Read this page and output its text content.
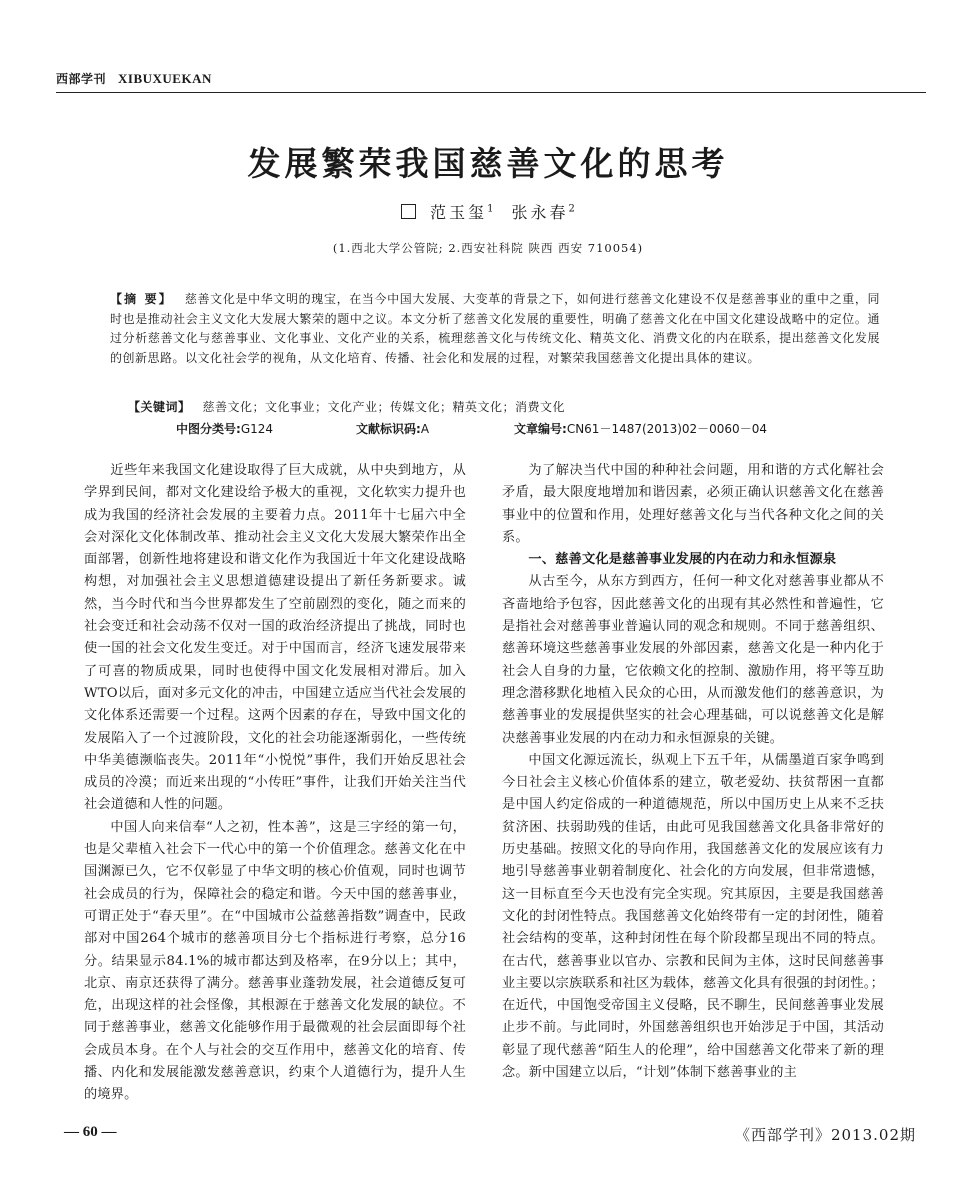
西部学刊 XIBUXUEKAN
发展繁荣我国慈善文化的思考
范玉玺$^1$ 张永春$^2$
(1.西北大学公管院; 2.西安社科院 陕西 西安 710054)
【摘 要】 慈善文化是中华文明的瑰宝，在当今中国大发展、大变革的背景之下，如何进行慈善文化建设不仅是慈善事业的重中之重，同时也是推动社会主义文化大发展大繁荣的题中之议。本文分析了慈善文化发展的重要性，明确了慈善文化在中国文化建设战略中的定位。通过分析慈善文化与慈善事业、文化事业、文化产业的关系，梳理慈善文化与传统文化、精英文化、消费文化的内在联系，提出慈善文化发展的创新思路。以文化社会学的视角，从文化培育、传播、社会化和发展的过程，对繁荣我国慈善文化提出具体的建议。
【关键词】 慈善文化；文化事业；文化产业；传媒文化；精英文化；消费文化
中图分类号:G124	文献标识码:A	文章编号:CN61－1487(2013)02－0060－04

近些年来我国文化建设取得了巨大成就，从中央到地方，从学界到民间，都对文化建设给予极大的重视，文化软实力提升也成为我国的经济社会发展的主要着力点。2011年十七届六中全会对深化文化体制改革、推动社会主义文化大发展大繁荣作出全面部署，创新性地将建设和谐文化作为我国近十年文化建设战略构想，对加强社会主义思想道德建设提出了新任务新要求。诚然，当今时代和当今世界都发生了空前剧烈的变化，随之而来的社会变迁和社会动荡不仅对一国的政治经济提出了挑战，同时也使一国的社会文化发生变迁。对于中国而言，经济飞速发展带来了可喜的物质成果，同时也使得中国文化发展相对滞后。加入WTO以后，面对多元文化的冲击，中国建立适应当代社会发展的文化体系还需要一个过程。这两个因素的存在，导致中国文化的发展陷入了一个过渡阶段，文化的社会功能逐渐弱化，一些传统中华美德濒临丧失。2011年“小悦悦”事件，我们开始反思社会成员的冷漠；而近来出现的“小传旺”事件，让我们开始关注当代社会道德和人性的问题。

中国人向来信奉“人之初，性本善”，这是三字经的第一句，也是父辈植入社会下一代心中的第一个价值理念。慈善文化在中国渊源已久，它不仅彰显了中华文明的核心价值观，同时也调节社会成员的行为，保障社会的稳定和谐。今天中国的慈善事业，可谓正处于“春天里”。在“中国城市公益慈善指数”调查中，民政部对中国264个城市的慈善项目分七个指标进行考察，总分16分。结果显示84.1%的城市都达到及格率，在9分以上；其中，北京、南京还获得了满分。慈善事业蓬勃发展，社会道德反复可危，出现这样的社会怪像，其根源在于慈善文化发展的缺位。不同于慈善事业，慈善文化能够作用于最微观的社会层面即每个社会成员本身。在个人与社会的交互作用中，慈善文化的培育、传播、内化和发展能激发慈善意识，约束个人道德行为，提升人生的境界。

为了解决当代中国的种种社会问题，用和谐的方式化解社会矛盾，最大限度地增加和谐因素，必须正确认识慈善文化在慈善事业中的位置和作用，处理好慈善文化与当代各种文化之间的关系。

一、慈善文化是慈善事业发展的内在动力和永恒源泉

从古至今，从东方到西方，任何一种文化对慈善事业都从不吝啬地给予包容，因此慈善文化的出现有其必然性和普遍性，它是指社会对慈善事业普遍认同的观念和规则。不同于慈善组织、慈善环境这些慈善事业发展的外部因素，慈善文化是一种内化于社会人自身的力量，它依赖文化的控制、激励作用，将平等互助理念潜移默化地植入民众的心田，从而激发他们的慈善意识，为慈善事业的发展提供坚实的社会心理基础，可以说慈善文化是解决慈善事业发展的内在动力和永恒源泉的关键。

中国文化源远流长，纵观上下五千年，从儒墨道百家争鸣到今日社会主义核心价值体系的建立，敬老爱幼、扶贫帮困一直都是中国人约定俗成的一种道德规范，所以中国历史上从来不乏扶贫济困、扶弱助残的佳话，由此可见我国慈善文化具备非常好的历史基础。按照文化的导向作用，我国慈善文化的发展应该有力地引导慈善事业朝着制度化、社会化的方向发展，但非常遗憾，这一目标直至今天也没有完全实现。究其原因，主要是我国慈善文化的封闭性特点。我国慈善文化始终带有一定的封闭性，随着社会结构的变革，这种封闭性在每个阶段都呈现出不同的特点。在古代，慈善事业以官办、宗教和民间为主体，这时民间慈善事业主要以宗族联系和社区为载体，慈善文化具有很强的封闭性。；在近代，中国饱受帝国主义侵略，民不聊生，民间慈善事业发展止步不前。与此同时，外国慈善组织也开始涉足于中国，其活动彰显了现代慈善“陌生人的伦理”，给中国慈善文化带来了新的理念。新中国建立以后，“计划”体制下慈善事业的主

— 60 —	《西部学刊》2013.02期
